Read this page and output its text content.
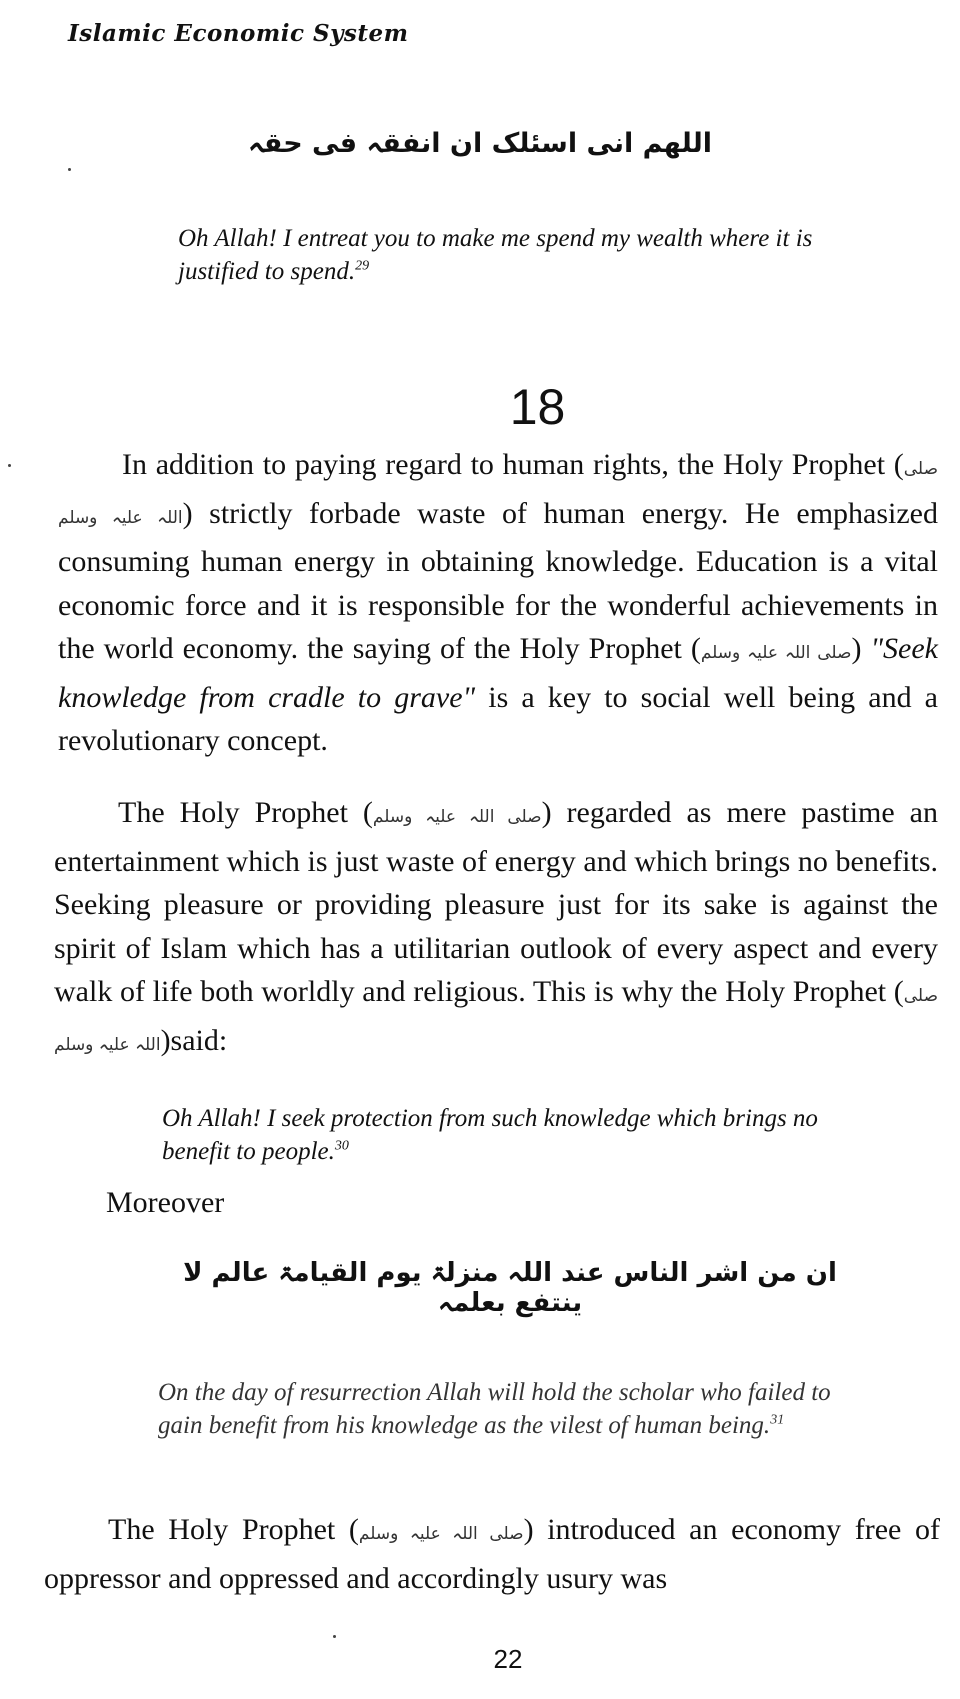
Islamic Economic System
اللهم انی اسئلک ان انفقہ فی حقہ
Oh Allah! I entreat you to make me spend my wealth where it is justified to spend.$^{29}$
18
In addition to paying regard to human rights, the Holy Prophet (صلی اللہ علیہ وسلم) strictly forbade waste of human energy. He emphasized consuming human energy in obtaining knowledge. Education is a vital economic force and it is responsible for the wonderful achievements in the world economy. the saying of the Holy Prophet (صلی اللہ علیہ وسلم) "Seek knowledge from cradle to grave" is a key to social well being and a revolutionary concept.
The Holy Prophet (صلی اللہ علیہ وسلم) regarded as mere pastime an entertainment which is just waste of energy and which brings no benefits. Seeking pleasure or providing pleasure just for its sake is against the spirit of Islam which has a utilitarian outlook of every aspect and every walk of life both worldly and religious. This is why the Holy Prophet (صلی اللہ علیہ وسلم)said:
Oh Allah! I seek protection from such knowledge which brings no benefit to people.$^{30}$
Moreover
ان من اشر الناس عند اللہ منزلۃ یوم القیامۃ عالم لا ینتفع بعلمہ
On the day of resurrection Allah will hold the scholar who failed to gain benefit from his knowledge as the vilest of human being.$^{31}$
The Holy Prophet (صلی اللہ علیہ وسلم) introduced an economy free of oppressor and oppressed and accordingly usury was
22
